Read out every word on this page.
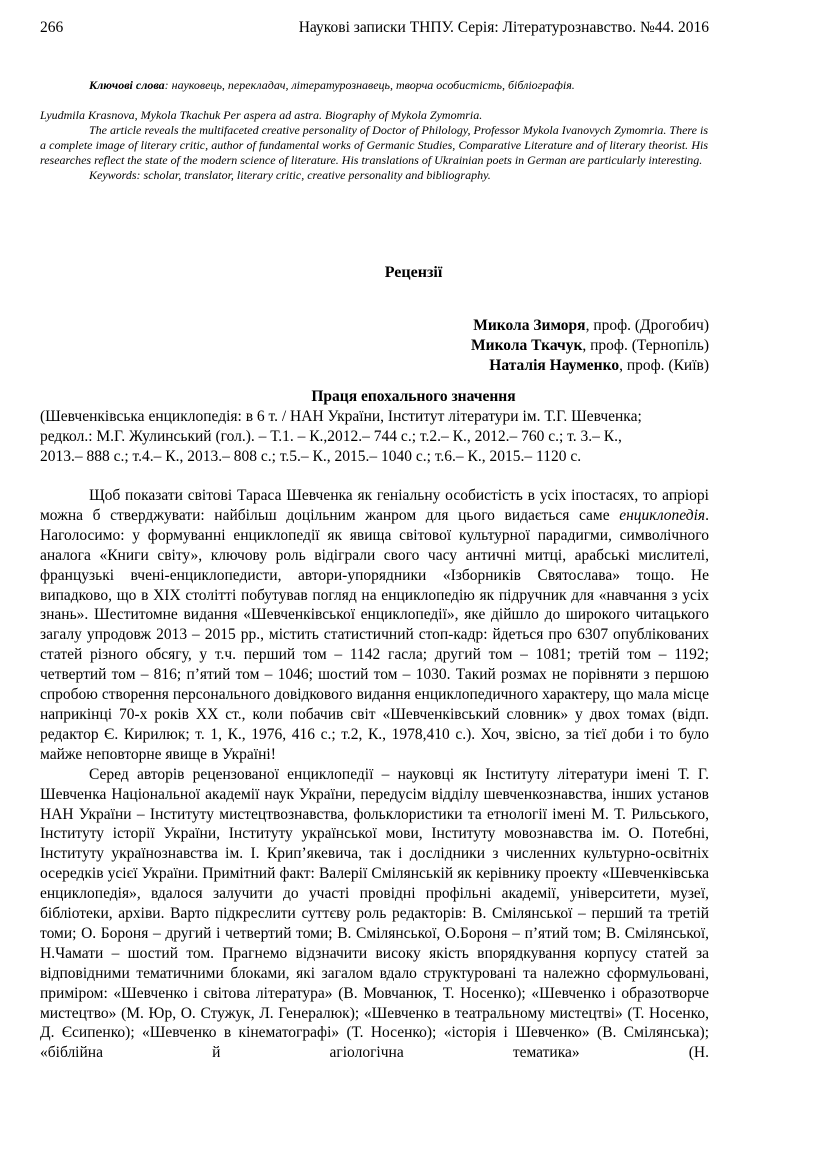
266	Наукові записки ТНПУ. Серія: Літературознавство. №44. 2016

Ключові слова: науковець, перекладач, літературознавець, творча особистість, бібліографія.

Lyudmila Krasnova, Mykola Tkachuk Per aspera ad astra. Biography of Mykola Zymomria.

The article reveals the multifaceted creative personality of Doctor of Philology, Professor Mykola Ivanovych Zymomria. There is a complete image of literary critic, author of fundamental works of Germanic Studies, Comparative Literature and of literary theorist. His researches reflect the state of the modern science of literature. His translations of Ukrainian poets in German are particularly interesting.

Keywords: scholar, translator, literary critic, creative personality and bibliography.

Рецензії
Микола Зиморя, проф. (Дрогобич)
Микола Ткачук, проф. (Тернопіль)
Наталія Науменко, проф. (Київ)
Праця епохального значення
(Шевченківська енциклопедія: в 6 т. / НАН України, Інститут літератури ім. Т.Г. Шевченка;
редкол.: М.Г. Жулинський (гол.). – Т.1. – К.,2012.– 744 с.; т.2.– К., 2012.– 760 с.; т. 3.– К.,
2013.– 888 с.; т.4.– К., 2013.– 808 с.; т.5.– К., 2015.– 1040 с.; т.6.– К., 2015.– 1120 с.

Щоб показати світові Тараса Шевченка як геніальну особистість в усіх іпостасях, то апріорі можна б стверджувати: найбільш доцільним жанром для цього видається саме енциклопедія. Наголосимо: у формуванні енциклопедії як явища світової культурної парадигми, символічного аналога «Книги світу», ключову роль відіграли свого часу античні митці, арабські мислителі, французькі вчені-енциклопедисти, автори-упорядники «Ізборників Святослава» тощо. Не випадково, що в XIX столітті побутував погляд на енциклопедію як підручник для «навчання з усіх знань». Шеститомне видання «Шевченківської енциклопедії», яке дійшло до широкого читацького загалу упродовж 2013 – 2015 рр., містить статистичний стоп-кадр: йдеться про 6307 опублікованих статей різного обсягу, у т.ч. перший том – 1142 гасла; другий том – 1081; третій том – 1192; четвертий том – 816; п’ятий том – 1046; шостий том – 1030. Такий розмах не порівняти з першою спробою створення персонального довідкового видання енциклопедичного характеру, що мала місце наприкінці 70-х років XX ст., коли побачив світ «Шевченківський словник» у двох томах (відп. редактор Є. Кирилюк; т. 1, К., 1976, 416 с.; т.2, К., 1978,410 с.). Хоч, звісно, за тієї доби і то було майже неповторне явище в Україні!

Серед авторів рецензованої енциклопедії – науковці як Інституту літератури імені Т. Г. Шевченка Національної академії наук України, передусім відділу шевченкознавства, інших установ НАН України – Інституту мистецтвознавства, фольклористики та етнології імені М. Т. Рильського, Інституту історії України, Інституту української мови, Інституту мовознавства ім. О. Потебні, Інституту українознавства ім. І. Крип’якевича, так і дослідники з численних культурно-освітніх осередків усієї України. Примітний факт: Валерії Смілянській як керівнику проекту «Шевченківська енциклопедія», вдалося залучити до участі провідні профільні академії, університети, музеї, бібліотеки, архіви. Варто підкреслити суттєву роль редакторів: В. Смілянської – перший та третій томи; О. Бороня – другий і четвертий томи; В. Смілянської, О.Бороня – п’ятий том; В. Смілянської, Н.Чамати – шостий том. Прагнемо відзначити високу якість впорядкування корпусу статей за відповідними тематичними блоками, які загалом вдало структуровані та належно сформульовані, приміром: «Шевченко і світова література» (В. Мовчанюк, Т. Носенко); «Шевченко і образотворче мистецтво» (М. Юр, О. Стужук, Л. Генералюк); «Шевченко в театральному мистецтві» (Т. Носенко, Д. Єсипенко); «Шевченко в кінематографі» (Т. Носенко); «історія і Шевченко» (В. Смілянська); «біблійна й агіологічна тематика» (Н.
